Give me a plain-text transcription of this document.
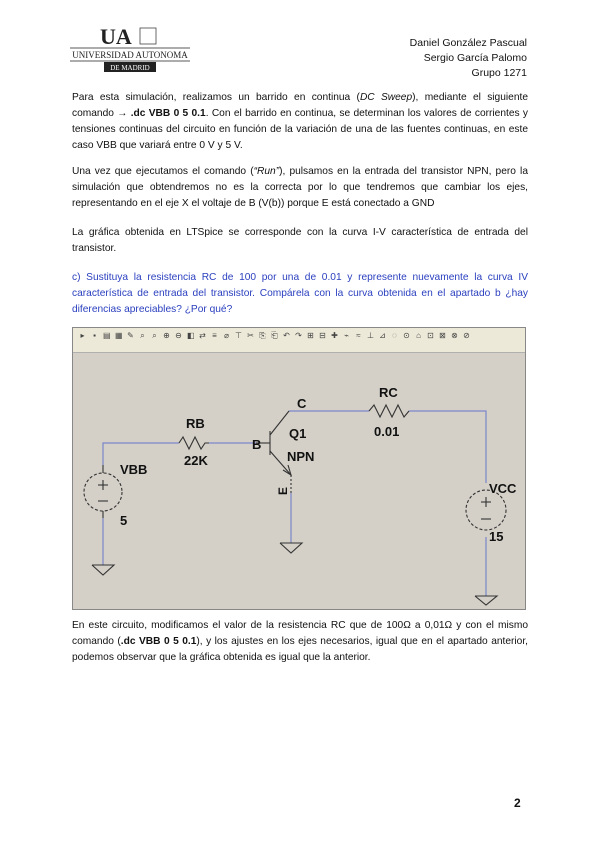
UA
UNIVERSIDAD AUTONOMA
DE MADRID
Daniel González Pascual
Sergio García Palomo
Grupo 1271
Para esta simulación, realizamos un barrido en continua (DC Sweep), mediante el siguiente comando → .dc VBB 0 5 0.1. Con el barrido en continua, se determinan los valores de corrientes y tensiones continuas del circuito en función de la variación de una de las fuentes continuas, en este caso VBB que variará entre 0 V y 5 V.
Una vez que ejecutamos el comando (“Run”), pulsamos en la entrada del transistor NPN, pero la simulación que obtendremos no es la correcta por lo que tendremos que cambiar los ejes, representando en el eje X el voltaje de B (V(b)) porque E está conectado a GND
La gráfica obtenida en LTSpice se corresponde con la curva I-V característica de entrada del transistor.
c) Sustituya la resistencia RC de 100 por una de 0.01 y represente nuevamente la curva IV característica de entrada del transistor. Compárela con la curva obtenida en el apartado b ¿hay diferencias apreciables? ¿Por qué?
▸ ▪ ▤ ▦ ✎ ⌕ ⌕ ⊕ ⊖ ◧ ⇄ ≡ ⌀ ⊤ ✂ ⎘ ⎗ ↶ ↷ ⊞ ⊟ ✚ ⌁ ≈ ⊥ ⊿ ◌ ⊙ ⌂ ⊡ ⊠ ⊗ ⊘
RB
22K
B
C
Q1
NPN
E
RC
0.01
VBB
5
VCC
15
En este circuito, modificamos el valor de la resistencia RC que de 100Ω a 0,01Ω y con el mismo comando (.dc VBB 0 5 0.1), y los ajustes en los ejes necesarios, igual que en el apartado anterior, podemos observar que la gráfica obtenida es igual que la anterior.
2
